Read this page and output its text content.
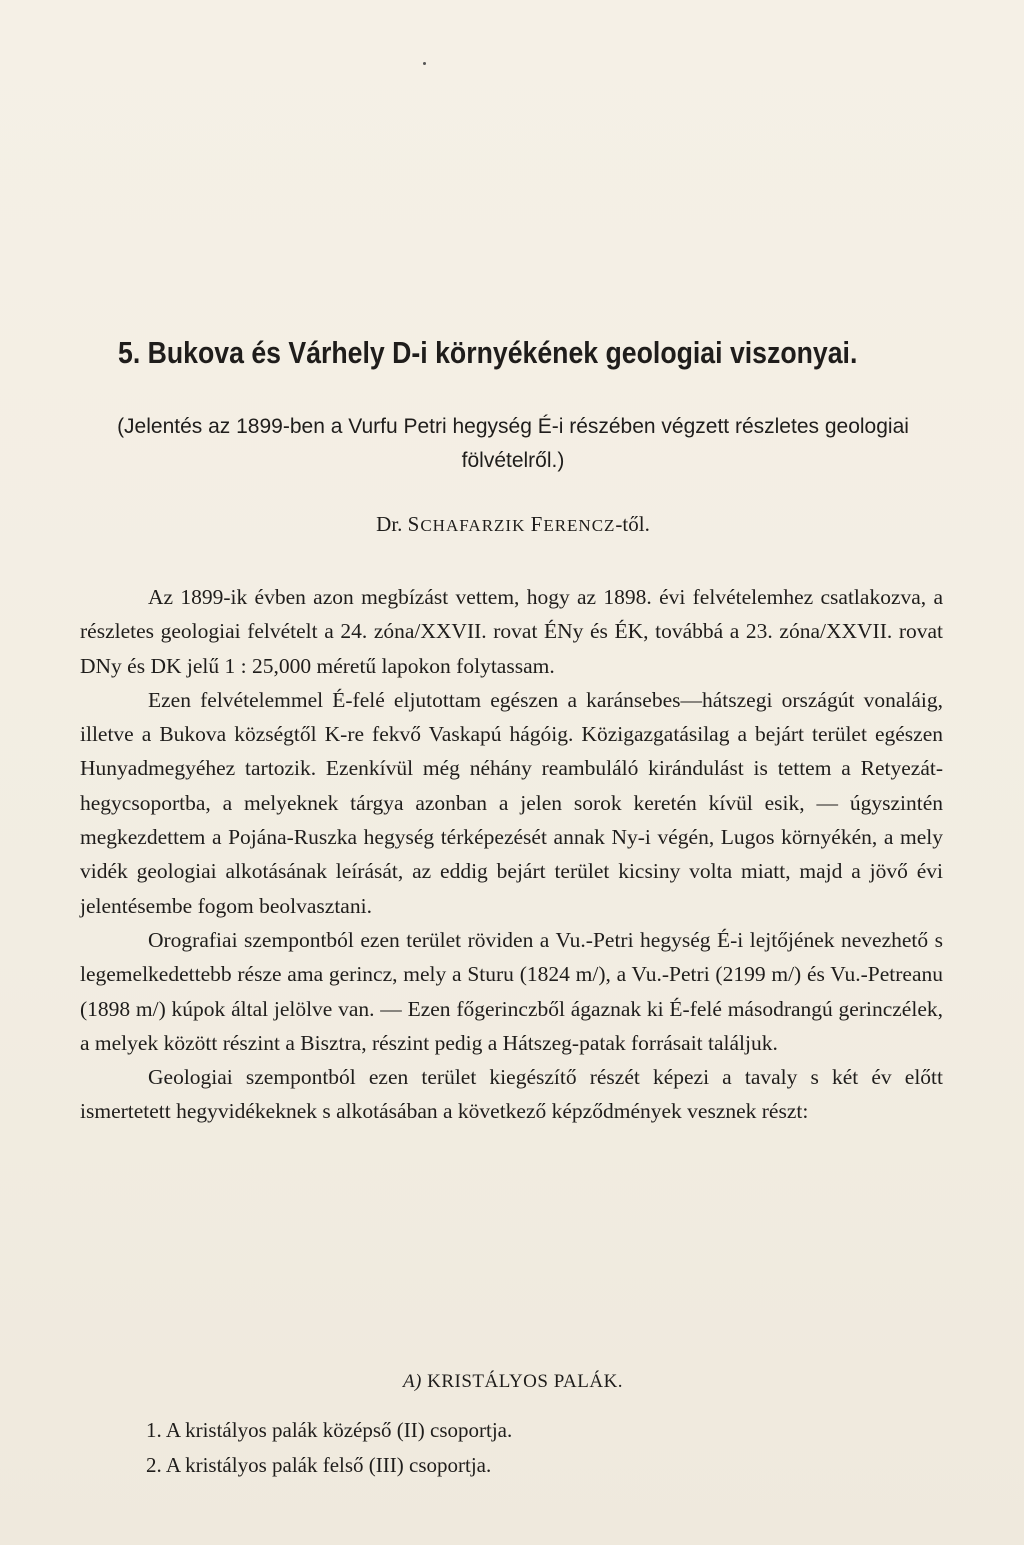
5. Bukova és Várhely D-i környékének geologiai viszonyai.
(Jelentés az 1899-ben a Vurfu Petri hegység É-i részében végzett részletes geologiai fölvételről.)
Dr. SCHAFARZIK FERENCZ-től.

Az 1899-ik évben azon megbízást vettem, hogy az 1898. évi felvételemhez csatlakozva, a részletes geologiai felvételt a 24. zóna/XXVII. rovat ÉNy és ÉK, továbbá a 23. zóna/XXVII. rovat DNy és DK jelű 1 : 25,000 méretű lapokon folytassam.

Ezen felvételemmel É-felé eljutottam egészen a karánsebes—hátszegi országút vonaláig, illetve a Bukova községtől K-re fekvő Vaskapú hágóig. Közigazgatásilag a bejárt terület egészen Hunyadmegyéhez tartozik. Ezenkívül még néhány reambuláló kirándulást is tettem a Retyezát-hegycsoportba, a melyeknek tárgya azonban a jelen sorok keretén kívül esik, — úgyszintén megkezdettem a Pojána-Ruszka hegység térképezését annak Ny-i végén, Lugos környékén, a mely vidék geologiai alkotásának leírását, az eddig bejárt terület kicsiny volta miatt, majd a jövő évi jelentésembe fogom beolvasztani.

Orografiai szempontból ezen terület röviden a Vu.-Petri hegység É-i lejtőjének nevezhető s legemelkedettebb része ama gerincz, mely a Sturu (1824 m/), a Vu.-Petri (2199 m/) és Vu.-Petreanu (1898 m/) kúpok által jelölve van. — Ezen főgerinczből ágaznak ki É-felé másodrangú gerinczélek, a melyek között részint a Bisztra, részint pedig a Hátszeg-patak forrásait találjuk.

Geologiai szempontból ezen terület kiegészítő részét képezi a tavaly s két év előtt ismertetett hegyvidékeknek s alkotásában a következő képződmények vesznek részt:

A) KRISTÁLYOS PALÁK.
1. A kristályos palák középső (II) csoportja.
2. A kristályos palák felső (III) csoportja.
